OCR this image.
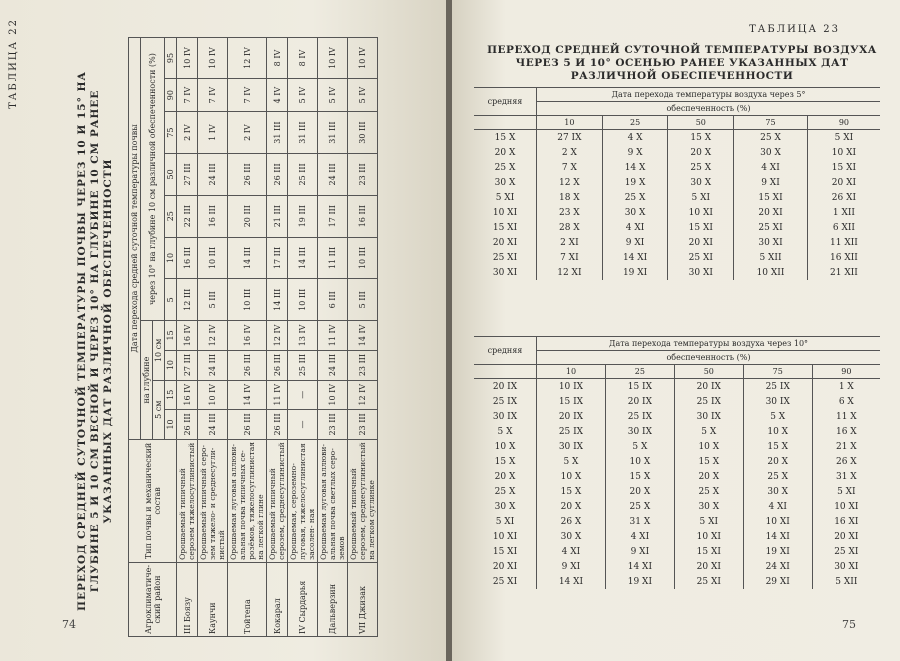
ТАБЛИЦА 22
ПЕРЕХОД СРЕДНЕЙ СУТОЧНОЙ ТЕМПЕРАТУРЫ ПОЧВЫ ЧЕРЕЗ 10 И 15° НА ГЛУБИНЕ 5 И 10 СМ ВЕСНОЙ И ЧЕРЕЗ 10° НА ГЛУБИНЕ 10 СМ РАНЕЕ УКАЗАННЫХ ДАТ РАЗЛИЧНОЙ ОБЕСПЕЧЕННОСТИ
Агроклиматиче- ский район	Тип почвы и механический состав	Дата перехода средней суточной температуры почвы										
		на глубине				через 10° на глубине 10 см различной обеспеченности (%)						
		5 см		10 см								
		10	15	10	15	5	10	25	50	75	90	95
III Боязу	Орошаемый типичный серозем тяжелосуглинистый	26 III	16 IV	27 III	16 IV	12 III	16 III	22 III	27 III	2 IV	7 IV	10 IV
Каунчи	Орошаемый типичный серо- зем тяжело- и среднесугли- нистый	24 III	10 IV	24 III	12 IV	5 III	10 III	16 III	24 III	1 IV	7 IV	10 IV
Тойтепа	Орошаемая луговая аллюви- альная почва типичных се- розёмов, тяжелосуглинистая на легкой глине	26 III	14 IV	26 III	16 IV	10 III	14 III	20 III	26 III	2 IV	7 IV	12 IV
Кокарал	Орошаемый типичный серозем, среднесуглинистый	26 III	11 IV	26 III	12 IV	14 III	17 III	21 III	26 III	31 III	4 IV	8 IV
IV Сырдарья	Орошаемая, сероземно-луговая, тяжелосуглинистая засолен- ная	—	—	25 III	13 IV	10 III	14 III	19 III	25 III	31 III	5 IV	8 IV
Дальверзин	Орошаемая луговая аллюви- альная почва светлых серо- земов	23 III	10 IV	24 III	11 IV	6 III	11 III	17 III	24 III	31 III	5 IV	10 IV
VII Джизак	Орошаемый типичный серозем, среднесуглинистый на легком суглинке	23 III	12 IV	23 III	14 IV	5 III	10 III	16 III	23 III	30 III	5 IV	10 IV
74
ТАБЛИЦА 23
ПЕРЕХОД СРЕДНЕЙ СУТОЧНОЙ ТЕМПЕРАТУРЫ ВОЗДУХА ЧЕРЕЗ 5 И 10° ОСЕНЬЮ РАНЕЕ УКАЗАННЫХ ДАТ РАЗЛИЧНОЙ ОБЕСПЕЧЕННОСТИ
средняя	Дата перехода температуры воздуха через 5°				
	обеспеченность (%)				
	10	25	50	75	90
15 X	27 IX	4 X	15 X	25 X	5 XI
20 X	2 X	9 X	20 X	30 X	10 XI
25 X	7 X	14 X	25 X	4 XI	15 XI
30 X	12 X	19 X	30 X	9 XI	20 XI
5 XI	18 X	25 X	5 XI	15 XI	26 XI
10 XI	23 X	30 X	10 XI	20 XI	1 XII
15 XI	28 X	4 XI	15 XI	25 XI	6 XII
20 XI	2 XI	9 XI	20 XI	30 XI	11 XII
25 XI	7 XI	14 XI	25 XI	5 XII	16 XII
30 XI	12 XI	19 XI	30 XI	10 XII	21 XII
средняя	Дата перехода температуры воздуха через 10°				
	обеспеченность (%)				
	10	25	50	75	90
20 IX	10 IX	15 IX	20 IX	25 IX	1 X
25 IX	15 IX	20 IX	25 IX	30 IX	6 X
30 IX	20 IX	25 IX	30 IX	5 X	11 X
5 X	25 IX	30 IX	5 X	10 X	16 X
10 X	30 IX	5 X	10 X	15 X	21 X
15 X	5 X	10 X	15 X	20 X	26 X
20 X	10 X	15 X	20 X	25 X	31 X
25 X	15 X	20 X	25 X	30 X	5 XI
30 X	20 X	25 X	30 X	4 XI	10 XI
5 XI	26 X	31 X	5 XI	10 XI	16 XI
10 XI	30 X	4 XI	10 XI	14 XI	20 XI
15 XI	4 XI	9 XI	15 XI	19 XI	25 XI
20 XI	9 XI	14 XI	20 XI	24 XI	30 XI
25 XI	14 XI	19 XI	25 XI	29 XI	5 XII
75
